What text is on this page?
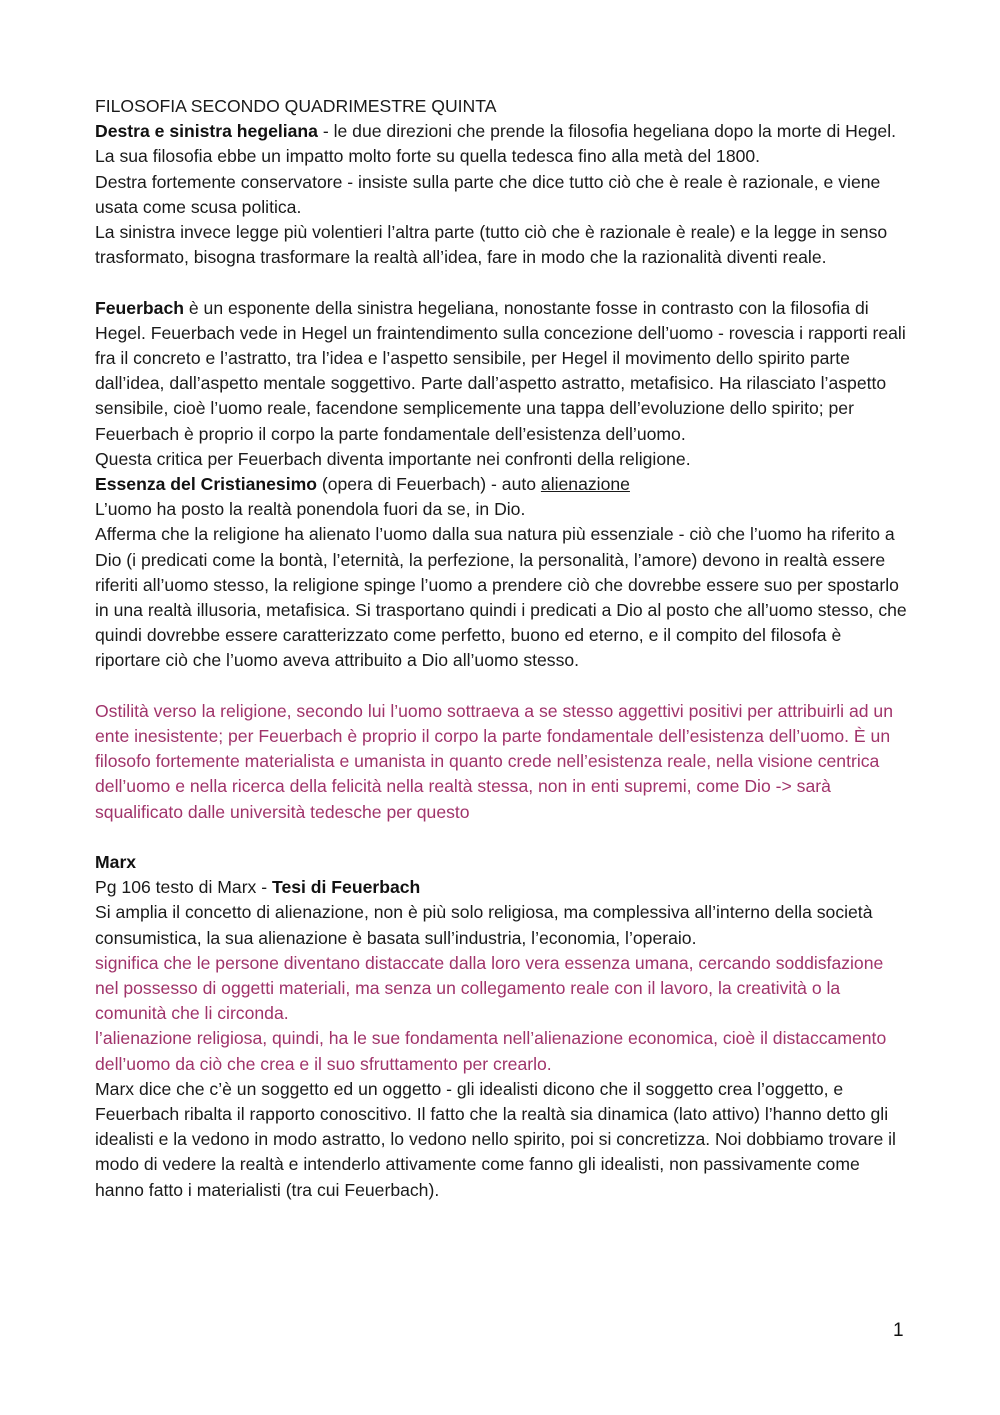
FILOSOFIA SECONDO QUADRIMESTRE QUINTA

Destra e sinistra hegeliana - le due direzioni che prende la filosofia hegeliana dopo la morte di Hegel. La sua filosofia ebbe un impatto molto forte su quella tedesca fino alla metà del 1800.

Destra fortemente conservatore - insiste sulla parte che dice tutto ciò che è reale è razionale, e viene usata come scusa politica.

La sinistra invece legge più volentieri l’altra parte (tutto ciò che è razionale è reale) e la legge in senso trasformato, bisogna trasformare la realtà all’idea, fare in modo che la razionalità diventi reale.

Feuerbach è un esponente della sinistra hegeliana, nonostante fosse in contrasto con la filosofia di Hegel. Feuerbach vede in Hegel un fraintendimento sulla concezione dell’uomo - rovescia i rapporti reali fra il concreto e l’astratto, tra l’idea e l’aspetto sensibile, per Hegel il movimento dello spirito parte dall’idea, dall’aspetto mentale soggettivo. Parte dall’aspetto astratto, metafisico. Ha rilasciato l’aspetto sensibile, cioè l’uomo reale, facendone semplicemente una tappa dell’evoluzione dello spirito; per Feuerbach è proprio il corpo la parte fondamentale dell’esistenza dell’uomo.

Questa critica per Feuerbach diventa importante nei confronti della religione.

Essenza del Cristianesimo (opera di Feuerbach) - auto alienazione

L’uomo ha posto la realtà ponendola fuori da se, in Dio.

Afferma che la religione ha alienato l’uomo dalla sua natura più essenziale - ciò che l’uomo ha riferito a Dio (i predicati come la bontà, l’eternità, la perfezione, la personalità, l’amore) devono in realtà essere riferiti all’uomo stesso, la religione spinge l’uomo a prendere ciò che dovrebbe essere suo per spostarlo in una realtà illusoria, metafisica. Si trasportano quindi i predicati a Dio al posto che all’uomo stesso, che quindi dovrebbe essere caratterizzato come perfetto, buono ed eterno, e il compito del filosofa è riportare ciò che l’uomo aveva attribuito a Dio all’uomo stesso.

Ostilità verso la religione, secondo lui l’uomo sottraeva a se stesso aggettivi positivi per attribuirli ad un ente inesistente; per Feuerbach è proprio il corpo la parte fondamentale dell’esistenza dell’uomo. È un filosofo fortemente materialista e umanista in quanto crede nell’esistenza reale, nella visione centrica dell’uomo e nella ricerca della felicità nella realtà stessa, non in enti supremi, come Dio -> sarà squalificato dalle università tedesche per questo

Marx

Pg 106 testo di Marx - Tesi di Feuerbach

Si amplia il concetto di alienazione, non è più solo religiosa, ma complessiva all’interno della società consumistica, la sua alienazione è basata sull’industria, l’economia, l’operaio.

significa che le persone diventano distaccate dalla loro vera essenza umana, cercando soddisfazione nel possesso di oggetti materiali, ma senza un collegamento reale con il lavoro, la creatività o la comunità che li circonda.

l’alienazione religiosa, quindi, ha le sue fondamenta nell’alienazione economica, cioè il distaccamento dell’uomo da ciò che crea e il suo sfruttamento per crearlo.

Marx dice che c’è un soggetto ed un oggetto - gli idealisti dicono che il soggetto crea l’oggetto, e Feuerbach ribalta il rapporto conoscitivo. Il fatto che la realtà sia dinamica (lato attivo) l’hanno detto gli idealisti e la vedono in modo astratto, lo vedono nello spirito, poi si concretizza. Noi dobbiamo trovare il modo di vedere la realtà e intenderlo attivamente come fanno gli idealisti, non passivamente come hanno fatto i materialisti (tra cui Feuerbach).

1
